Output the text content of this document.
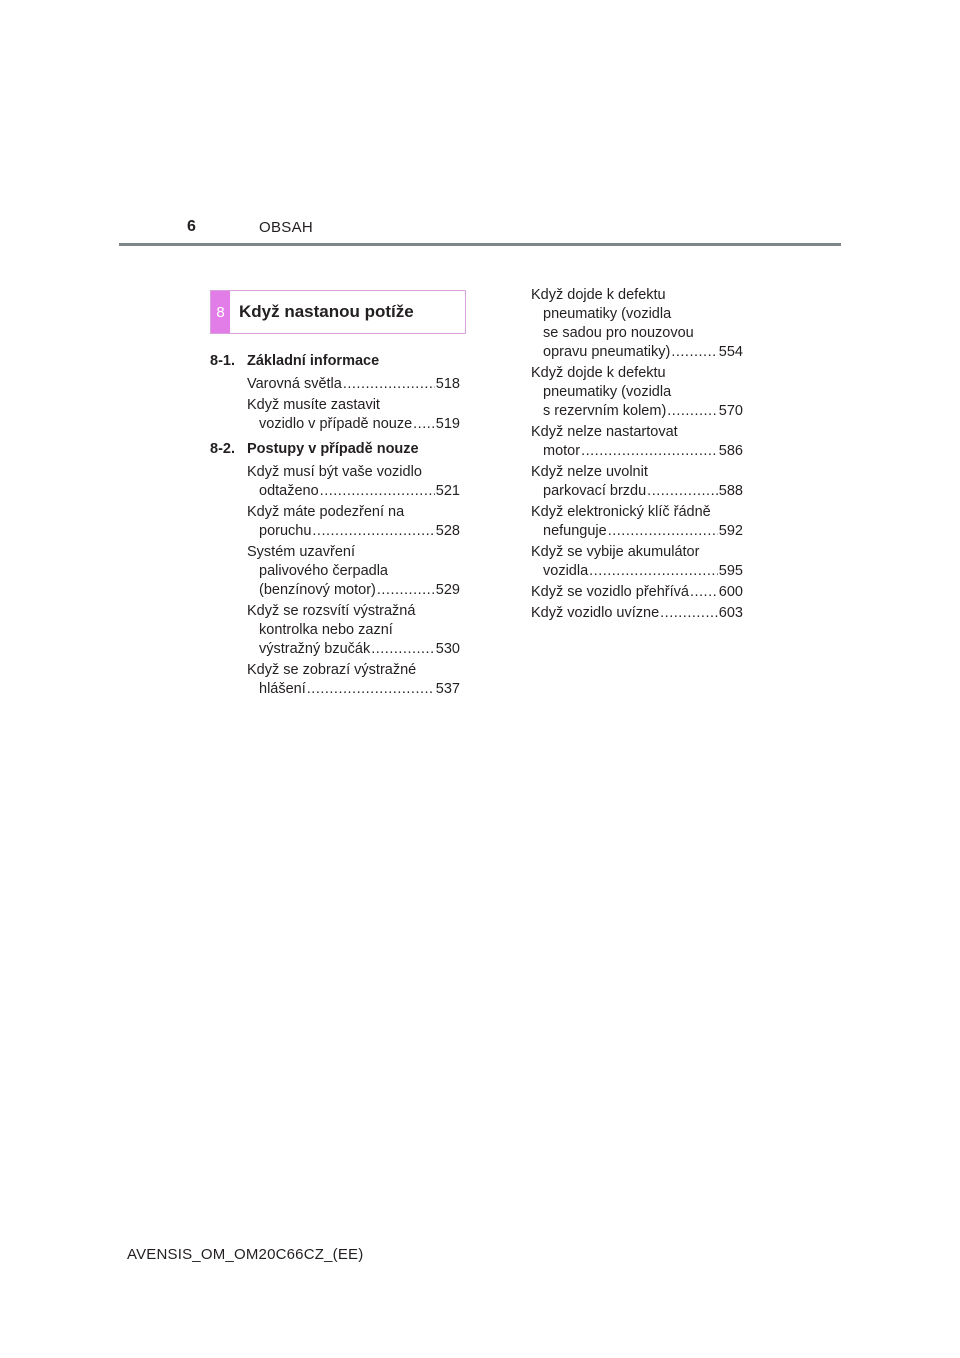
6	OBSAH
8 Když nastanou potíže
8-1. Základní informace
Varovná světla .....	518
Když musíte zastavit
vozidlo v případě nouze ..... 519
8-2. Postupy v případě nouze
Když musí být vaše vozidlo
odtaženo .....	521
Když máte podezření na
poruchu .....	528
Systém uzavření
palivového čerpadla
(benzínový motor) .....	529
Když se rozsvítí výstražná
kontrolka nebo zazní
výstražný bzučák .....	530
Když se zobrazí výstražné
hlášení .....	537
Když dojde k defektu
pneumatiky (vozidla
se sadou pro nouzovou
opravu pneumatiky) .....	554
Když dojde k defektu
pneumatiky (vozidla
s rezervním kolem) .....	570
Když nelze nastartovat
motor .....	586
Když nelze uvolnit
parkovací brzdu .....	588
Když elektronický klíč řádně
nefunguje .....	592
Když se vybije akumulátor
vozidla .....	595
Když se vozidlo přehřívá ..... 600
Když vozidlo uvízne .....	603
AVENSIS_OM_OM20C66CZ_(EE)
